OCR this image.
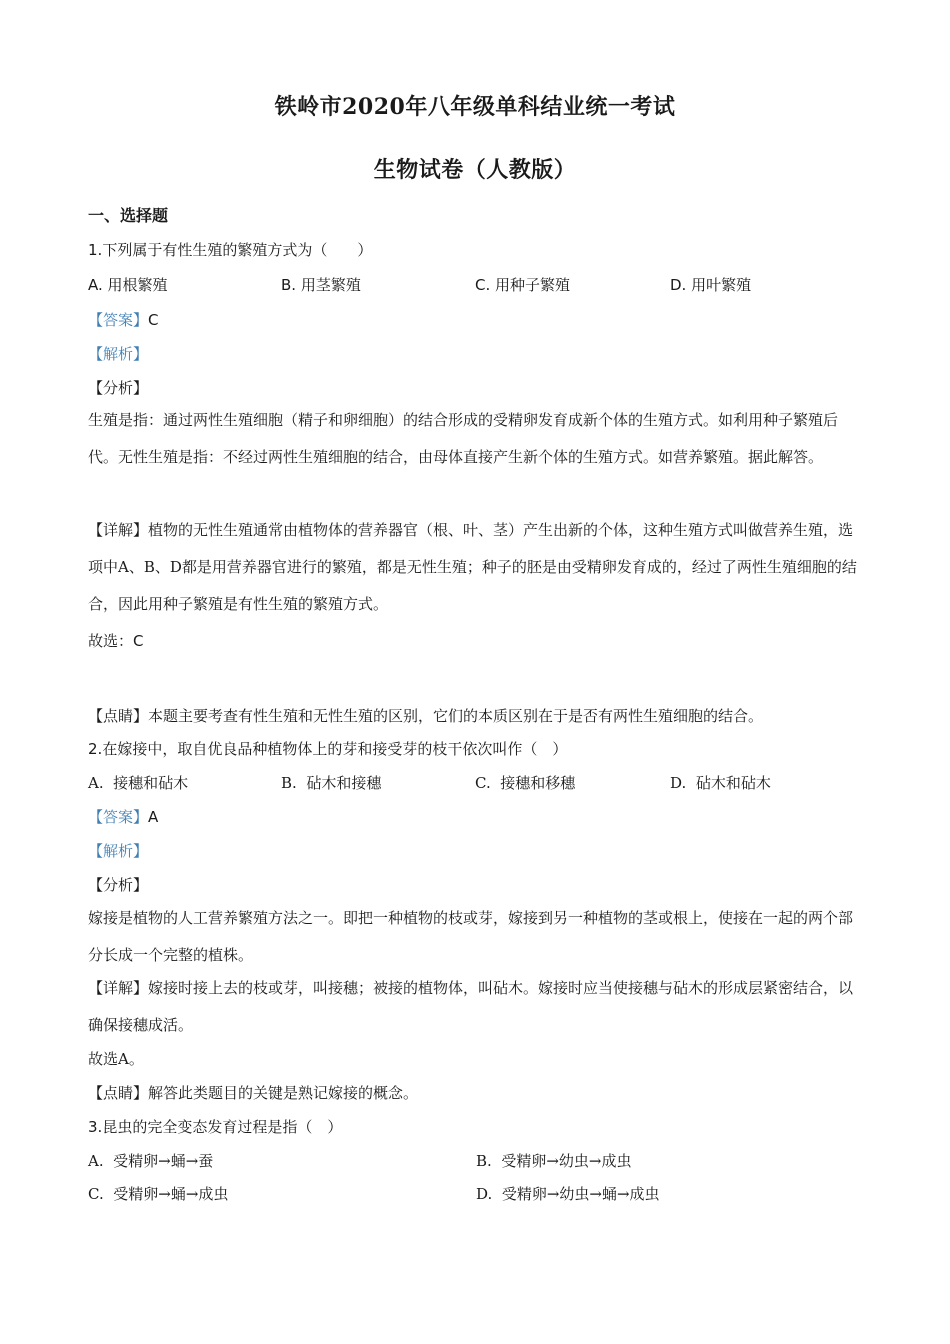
铁岭市2020年八年级单科结业统一考试
生物试卷（人教版）
一、选择题
1.下列属于有性生殖的繁殖方式为（　　）
A. 用根繁殖	B. 用茎繁殖	C. 用种子繁殖	D. 用叶繁殖
【答案】C
【解析】
【分析】
生殖是指：通过两性生殖细胞（精子和卵细胞）的结合形成的受精卵发育成新个体的生殖方式。如利用种子繁殖后代。无性生殖是指：不经过两性生殖细胞的结合，由母体直接产生新个体的生殖方式。如营养繁殖。据此解答。
【详解】植物的无性生殖通常由植物体的营养器官（根、叶、茎）产生出新的个体，这种生殖方式叫做营养生殖，选项中A、B、D都是用营养器官进行的繁殖，都是无性生殖；种子的胚是由受精卵发育成的，经过了两性生殖细胞的结合，因此用种子繁殖是有性生殖的繁殖方式。
故选：C
【点睛】本题主要考查有性生殖和无性生殖的区别，它们的本质区别在于是否有两性生殖细胞的结合。
2.在嫁接中，取自优良品种植物体上的芽和接受芽的枝干依次叫作（　）
A. 接穗和砧木	B. 砧木和接穗	C. 接穗和移穗	D. 砧木和砧木
【答案】A
【解析】
【分析】
嫁接是植物的人工营养繁殖方法之一。即把一种植物的枝或芽，嫁接到另一种植物的茎或根上，使接在一起的两个部分长成一个完整的植株。
【详解】嫁接时接上去的枝或芽，叫接穗；被接的植物体，叫砧木。嫁接时应当使接穗与砧木的形成层紧密结合，以确保接穗成活。
故选A。
【点睛】解答此类题目的关键是熟记嫁接的概念。
3.昆虫的完全变态发育过程是指（　）
A. 受精卵→蛹→蚕	B. 受精卵→幼虫→成虫
C. 受精卵→蛹→成虫	D. 受精卵→幼虫→蛹→成虫
